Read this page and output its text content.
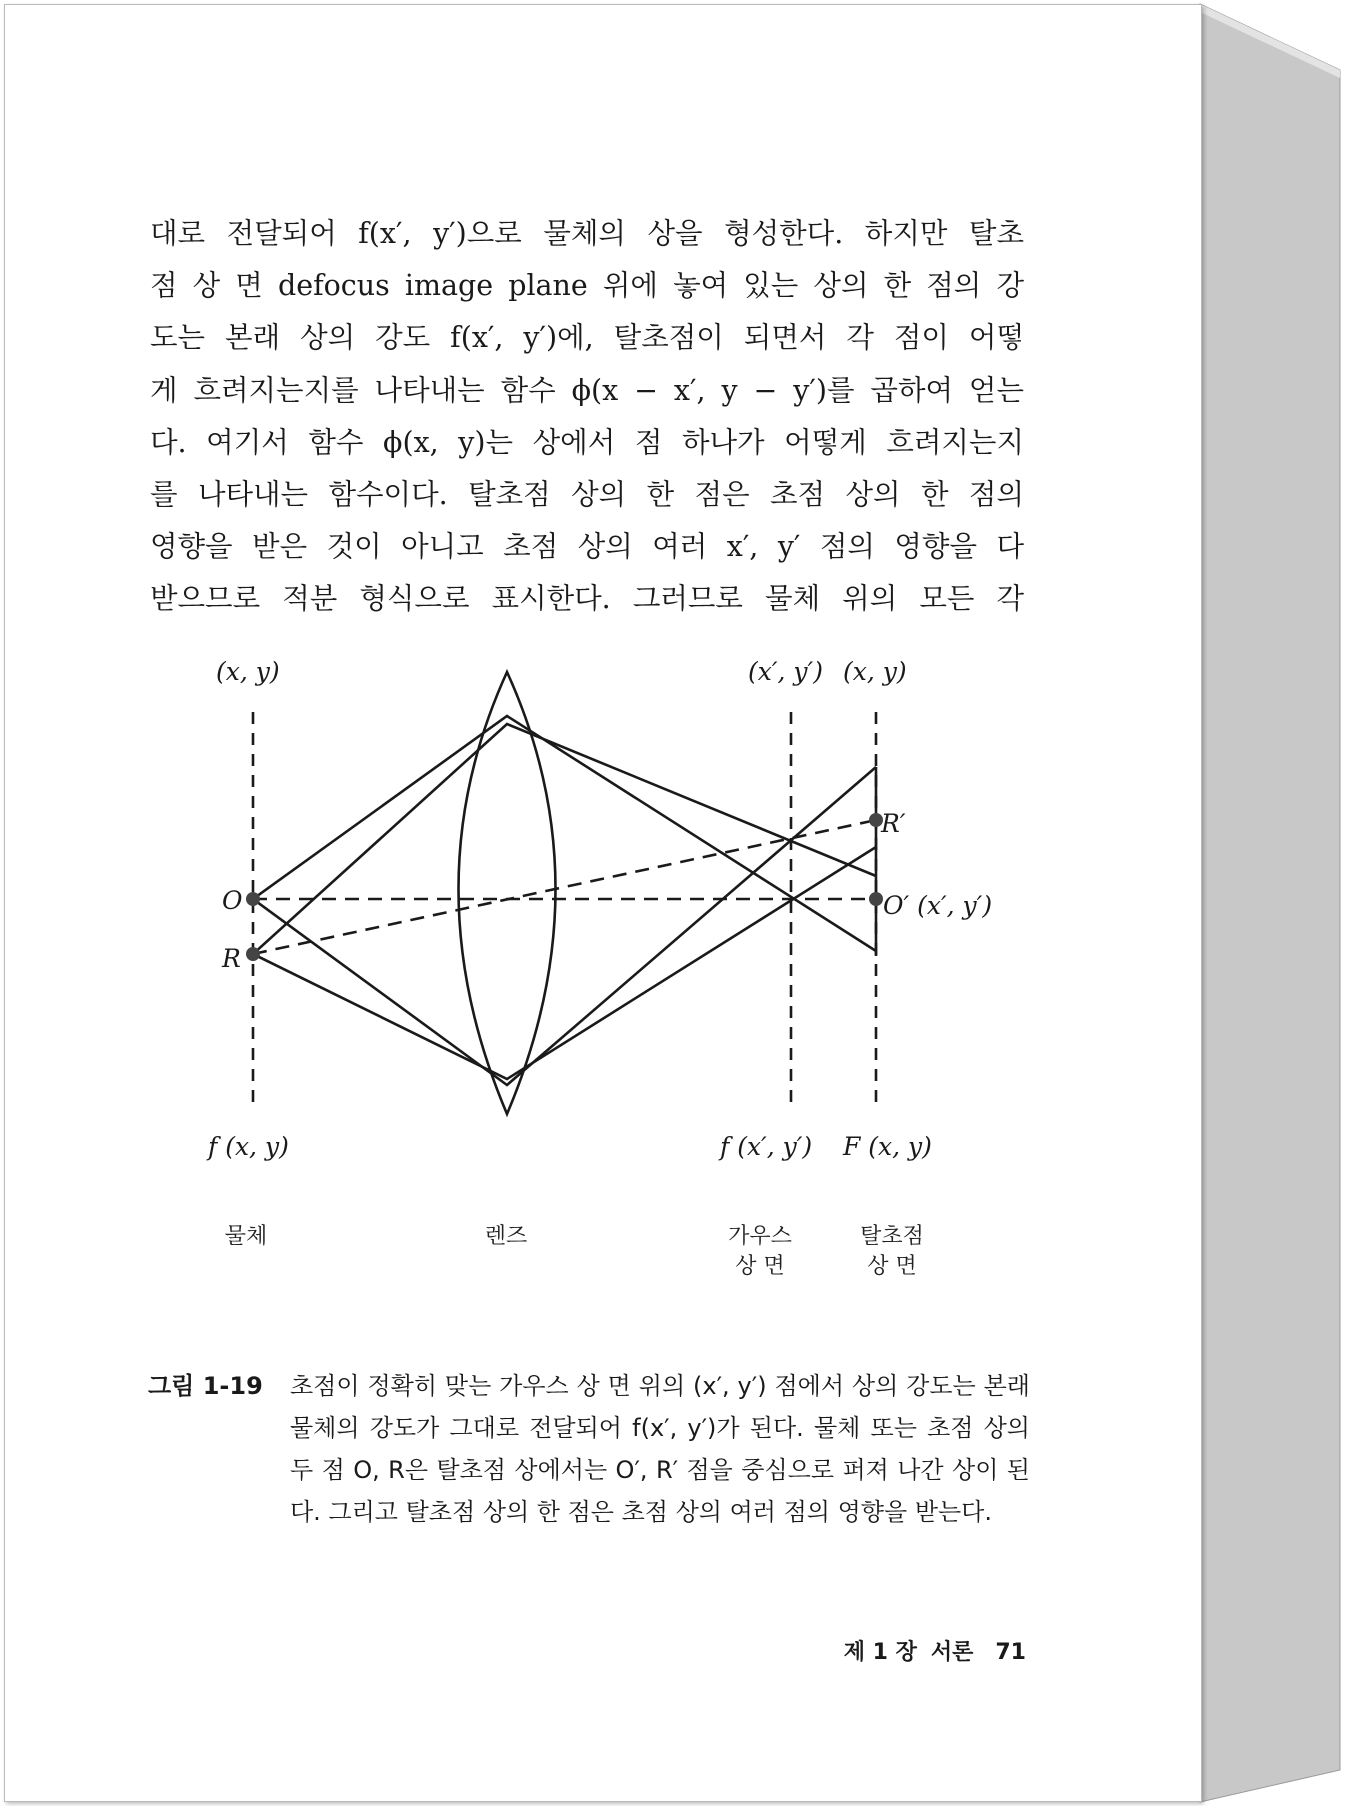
대로 전달되어 f(x′, y′)으로 물체의 상을 형성한다. 하지만 탈초
점 상 면 defocus image plane 위에 놓여 있는 상의 한 점의 강
도는 본래 상의 강도 f(x′, y′)에, 탈초점이 되면서 각 점이 어떻
게 흐려지는지를 나타내는 함수 ϕ(x − x′, y − y′)를 곱하여 얻는
다. 여기서 함수 ϕ(x, y)는 상에서 점 하나가 어떻게 흐려지는지
를 나타내는 함수이다. 탈초점 상의 한 점은 초점 상의 한 점의
영향을 받은 것이 아니고 초점 상의 여러 x′, y′ 점의 영향을 다
받으므로 적분 형식으로 표시한다. 그러므로 물체 위의 모든 각
(x, y)	(x′, y′) (x, y)
O
R
R′
O′ (x′, y′)
f (x, y)	f (x′, y′) F (x, y)
물체	렌즈	가우스
상 면
탈초점
상 면
그림 1-19 초점이 정확히 맞는 가우스 상 면 위의 (x′, y′) 점에서 상의 강도는 본래 물체의 강도가 그대로 전달되어 f(x′, y′)가 된다. 물체 또는 초점 상의 두 점 O, R은 탈초점 상에서는 O′, R′ 점을 중심으로 퍼져 나간 상이 된다. 그리고 탈초점 상의 한 점은 초점 상의 여러 점의 영향을 받는다.
제 1 장 서론 71
